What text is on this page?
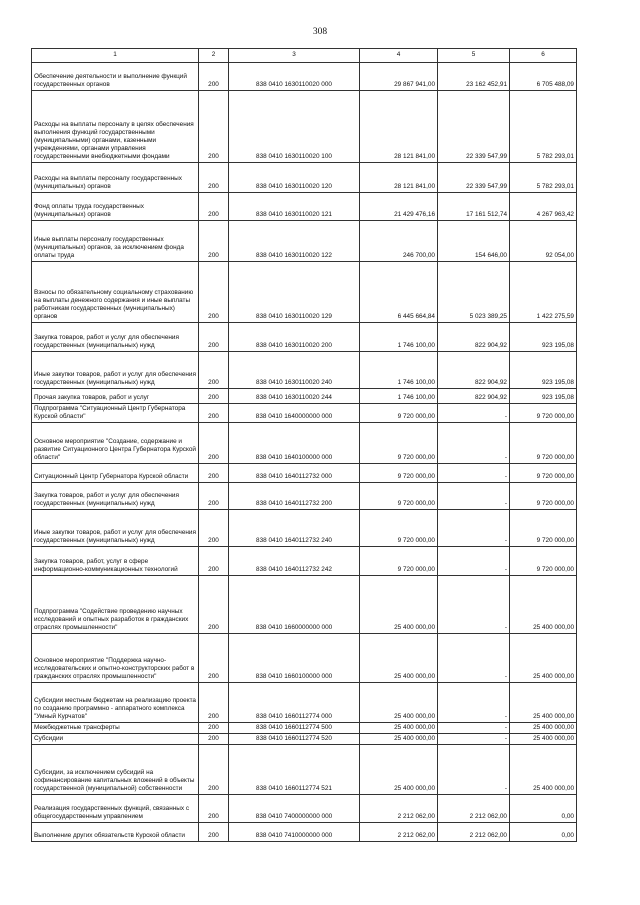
308
1	2	3	4	5	6
Обеспечение деятельности и выполнение функций государственных органов	200	838 0410 1630110020 000	29 867 941,00	23 162 452,91	6 705 488,09
Расходы на выплаты персоналу в целях обеспечения выполнения функций государственными (муниципальными) органами, казенными учреждениями, органами управления государственными внебюджетными фондами	200	838 0410 1630110020 100	28 121 841,00	22 339 547,99	5 782 293,01
Расходы на выплаты персоналу государственных (муниципальных) органов	200	838 0410 1630110020 120	28 121 841,00	22 339 547,99	5 782 293,01
Фонд оплаты труда государственных (муниципальных) органов	200	838 0410 1630110020 121	21 429 476,16	17 161 512,74	4 267 963,42
Иные выплаты персоналу государственных (муниципальных) органов, за исключением фонда оплаты труда	200	838 0410 1630110020 122	246 700,00	154 646,00	92 054,00
Взносы по обязательному социальному страхованию на выплаты денежного содержания и иные выплаты работникам государственных (муниципальных) органов	200	838 0410 1630110020 129	6 445 664,84	5 023 389,25	1 422 275,59
Закупка товаров, работ и услуг для обеспечения государственных (муниципальных) нужд	200	838 0410 1630110020 200	1 746 100,00	822 904,92	923 195,08
Иные закупки товаров, работ и услуг для обеспечения государственных (муниципальных) нужд	200	838 0410 1630110020 240	1 746 100,00	822 904,92	923 195,08
Прочая закупка товаров, работ и услуг	200	838 0410 1630110020 244	1 746 100,00	822 904,92	923 195,08
Подпрограмма "Ситуационный Центр Губернатора Курской области"	200	838 0410 1640000000 000	9 720 000,00	-	9 720 000,00
Основное мероприятие "Создание, содержание и развитие Ситуационного Центра Губернатора Курской области"	200	838 0410 1640100000 000	9 720 000,00	-	9 720 000,00
Ситуационный Центр Губернатора Курской области	200	838 0410 1640112732 000	9 720 000,00	-	9 720 000,00
Закупка товаров, работ и услуг для обеспечения государственных (муниципальных) нужд	200	838 0410 1640112732 200	9 720 000,00	-	9 720 000,00
Иные закупки товаров, работ и услуг для обеспечения государственных (муниципальных) нужд	200	838 0410 1640112732 240	9 720 000,00	-	9 720 000,00
Закупка товаров, работ, услуг в сфере информационно-коммуникационных технологий	200	838 0410 1640112732 242	9 720 000,00	-	9 720 000,00
Подпрограмма "Содействие проведению научных исследований и опытных разработок в гражданских отраслях промышленности"	200	838 0410 1660000000 000	25 400 000,00	-	25 400 000,00
Основное мероприятие "Поддержка научно-исследовательских и опытно-конструкторских работ в гражданских отраслях промышленности"	200	838 0410 1660100000 000	25 400 000,00	-	25 400 000,00
Субсидии местным бюджетам на реализацию проекта по созданию программно - аппаратного комплекса "Умный Курчатов"	200	838 0410 1660112774 000	25 400 000,00	-	25 400 000,00
Межбюджетные трансферты	200	838 0410 1660112774 500	25 400 000,00	-	25 400 000,00
Субсидии	200	838 0410 1660112774 520	25 400 000,00	-	25 400 000,00
Субсидии, за исключением субсидий на софинансирование капитальных вложений в объекты государственной (муниципальной) собственности	200	838 0410 1660112774 521	25 400 000,00	-	25 400 000,00
Реализация государственных функций, связанных с общегосударственным управлением	200	838 0410 7400000000 000	2 212 062,00	2 212 062,00	0,00
Выполнение других обязательств Курской области	200	838 0410 7410000000 000	2 212 062,00	2 212 062,00	0,00
